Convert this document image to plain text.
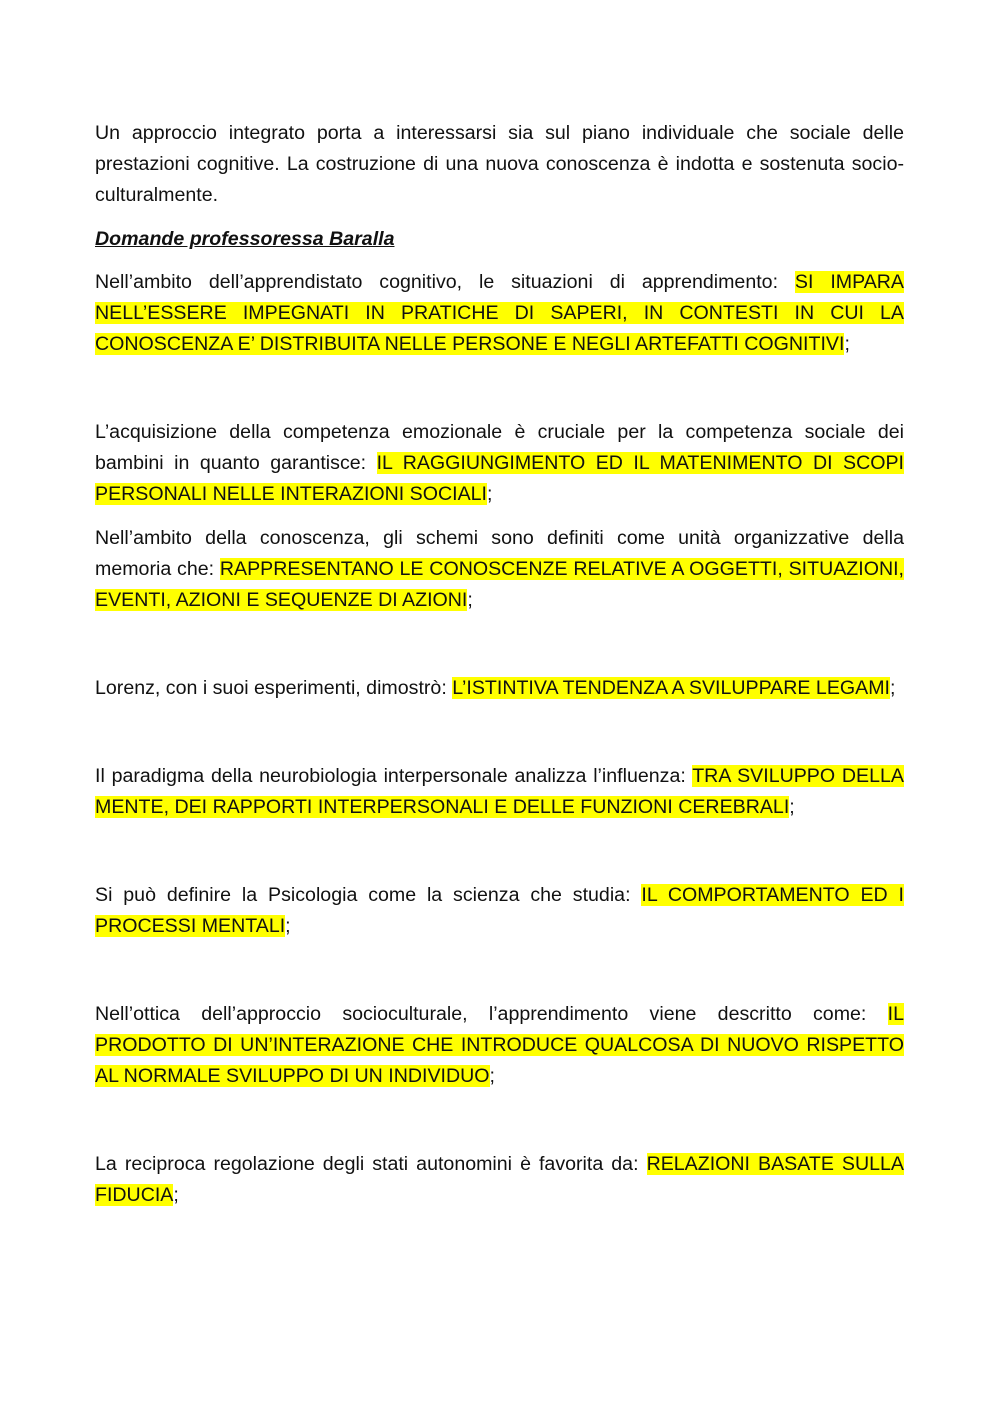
Un approccio integrato porta a interessarsi sia sul piano individuale che sociale delle prestazioni cognitive. La costruzione di una nuova conoscenza è indotta e sostenuta socio-culturalmente.

Domande professoressa Baralla

Nell’ambito dell’apprendistato cognitivo, le situazioni di apprendimento: SI IMPARA NELL’ESSERE IMPEGNATI IN PRATICHE DI SAPERI, IN CONTESTI IN CUI LA CONOSCENZA E’ DISTRIBUITA NELLE PERSONE E NEGLI ARTEFATTI COGNITIVI;

L’acquisizione della competenza emozionale è cruciale per la competenza sociale dei bambini in quanto garantisce: IL RAGGIUNGIMENTO ED IL MATENIMENTO DI SCOPI PERSONALI NELLE INTERAZIONI SOCIALI;

Nell’ambito della conoscenza, gli schemi sono definiti come unità organizzative della memoria che: RAPPRESENTANO LE CONOSCENZE RELATIVE A OGGETTI, SITUAZIONI, EVENTI, AZIONI E SEQUENZE DI AZIONI;

Lorenz, con i suoi esperimenti, dimostrò: L’ISTINTIVA TENDENZA A SVILUPPARE LEGAMI;

Il paradigma della neurobiologia interpersonale analizza l’influenza: TRA SVILUPPO DELLA MENTE, DEI RAPPORTI INTERPERSONALI E DELLE FUNZIONI CEREBRALI;

Si può definire la Psicologia come la scienza che studia: IL COMPORTAMENTO ED I PROCESSI MENTALI;

Nell’ottica dell’approccio socioculturale, l’apprendimento viene descritto come: IL PRODOTTO DI UN’INTERAZIONE CHE INTRODUCE QUALCOSA DI NUOVO RISPETTO AL NORMALE SVILUPPO DI UN INDIVIDUO;

La reciproca regolazione degli stati autonomini è favorita da: RELAZIONI BASATE SULLA FIDUCIA;
